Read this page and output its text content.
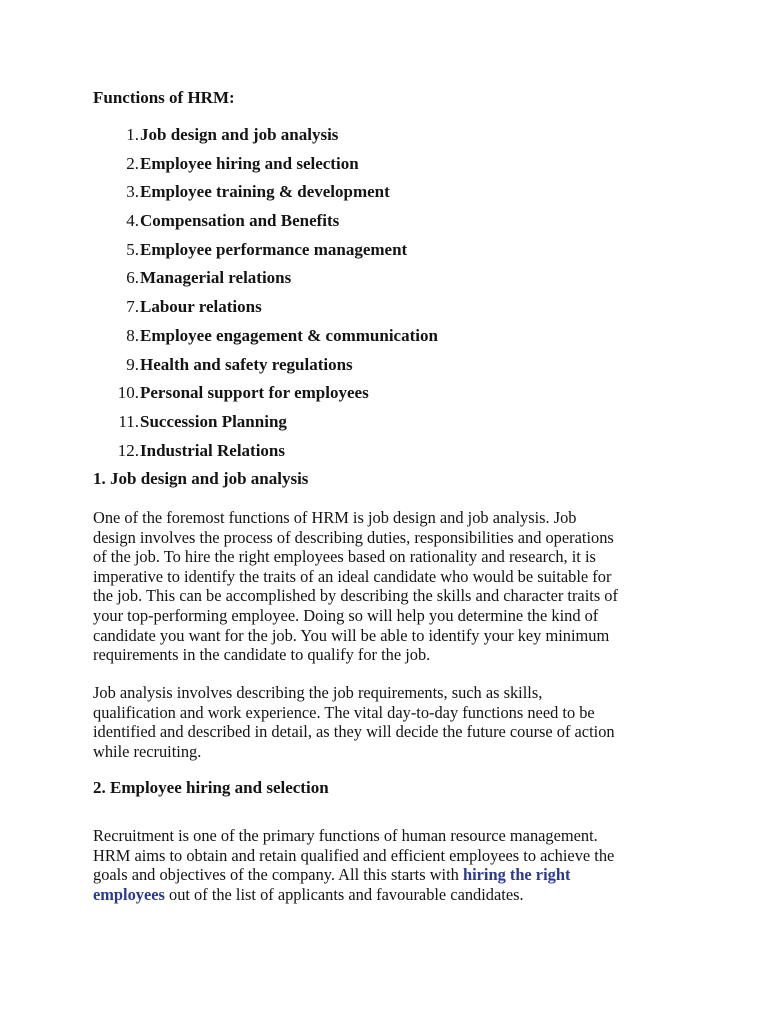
Functions of HRM:
1. Job design and job analysis
2. Employee hiring and selection
3. Employee training & development
4. Compensation and Benefits
5. Employee performance management
6. Managerial relations
7. Labour relations
8. Employee engagement & communication
9. Health and safety regulations
10. Personal support for employees
11. Succession Planning
12. Industrial Relations
1. Job design and job analysis
One of the foremost functions of HRM is job design and job analysis. Job
design involves the process of describing duties, responsibilities and operations
of the job. To hire the right employees based on rationality and research, it is
imperative to identify the traits of an ideal candidate who would be suitable for
the job. This can be accomplished by describing the skills and character traits of
your top-performing employee. Doing so will help you determine the kind of
candidate you want for the job. You will be able to identify your key minimum
requirements in the candidate to qualify for the job.
Job analysis involves describing the job requirements, such as skills,
qualification and work experience. The vital day-to-day functions need to be
identified and described in detail, as they will decide the future course of action
while recruiting.
2. Employee hiring and selection
Recruitment is one of the primary functions of human resource management.
HRM aims to obtain and retain qualified and efficient employees to achieve the
goals and objectives of the company. All this starts with hiring the right
employees out of the list of applicants and favourable candidates.
